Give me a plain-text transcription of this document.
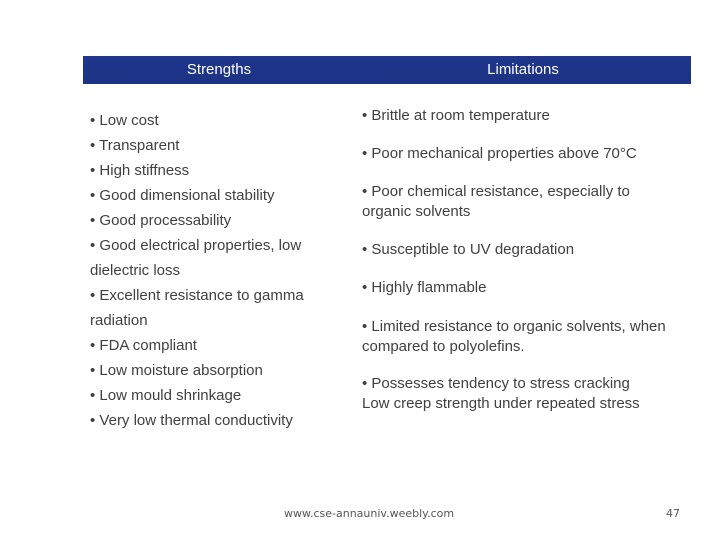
Strengths	Limitations
• Low cost
• Transparent
• High stiffness
• Good dimensional stability
• Good processability
• Good electrical properties, low
dielectric loss
• Excellent resistance to gamma
radiation
• FDA compliant
• Low moisture absorption
• Low mould shrinkage
• Very low thermal conductivity
• Brittle at room temperature
• Poor mechanical properties above 70°C
• Poor chemical resistance, especially to
organic solvents
• Susceptible to UV degradation
• Highly flammable
• Limited resistance to organic solvents, when
compared to polyolefins.
• Possesses tendency to stress cracking
Low creep strength under repeated stress
www.cse-annauniv.weebly.com	47
